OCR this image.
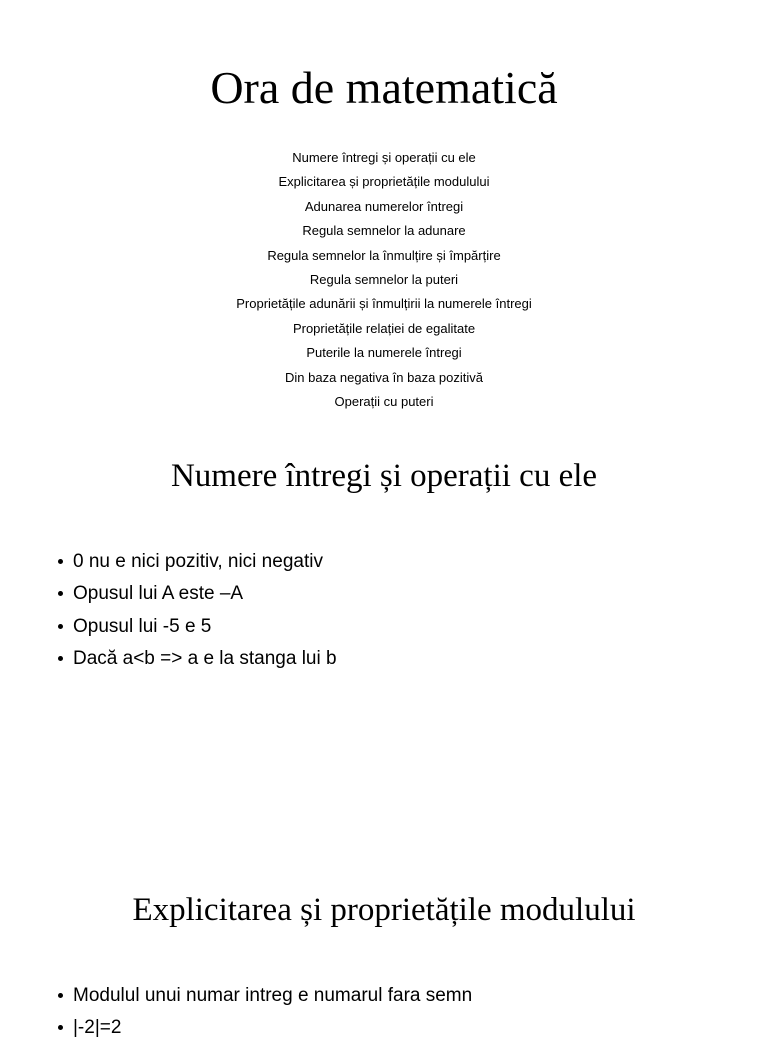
Ora de matematică
Numere întregi și operații cu ele
Explicitarea și proprietățile modulului
Adunarea numerelor întregi
Regula semnelor la adunare
Regula semnelor la înmulțire și împărțire
Regula semnelor la puteri
Proprietățile adunării și înmulțirii la numerele întregi
Proprietățile relației de egalitate
Puterile la numerele întregi
Din baza negativa în baza pozitivă
Operații cu puteri
Numere întregi și operații cu ele
0 nu e nici pozitiv, nici negativ
Opusul lui A este –A
Opusul lui -5 e 5
Dacă a<b => a e la stanga lui b
Explicitarea și proprietățile modulului
Modulul unui numar intreg e numarul fara semn
|-2|=2
